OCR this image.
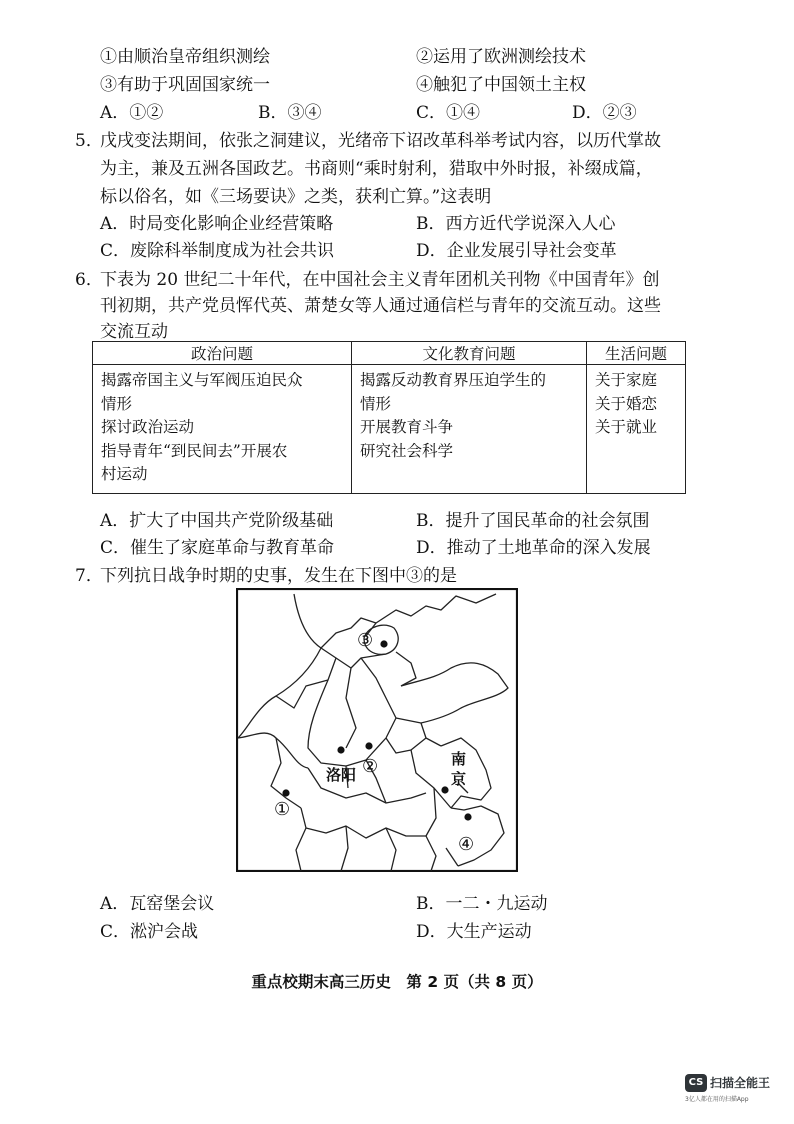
①由顺治皇帝组织测绘	②运用了欧洲测绘技术
③有助于巩固国家统一	④触犯了中国领土主权
A．①②	B．③④	C．①④	D．②③
5．
戊戌变法期间，依张之洞建议，光绪帝下诏改革科举考试内容，以历代掌故
为主，兼及五洲各国政艺。书商则“乘时射利，猎取中外时报，补缀成篇，
标以俗名，如《三场要诀》之类，获利亡算。”这表明
A．时局变化影响企业经营策略	B．西方近代学说深入人心
C．废除科举制度成为社会共识	D．企业发展引导社会变革
6．
下表为 20 世纪二十年代，在中国社会主义青年团机关刊物《中国青年》创
刊初期，共产党员恽代英、萧楚女等人通过通信栏与青年的交流互动。这些
交流互动
政治问题	文化教育问题	生活问题

揭露帝国主义与军阀压迫民众
情形
探讨政治运动
指导青年“到民间去”开展农
村运动	揭露反动教育界压迫学生的
情形
开展教育斗争
研究社会科学	关于家庭
关于婚恋
关于就业
A．扩大了中国共产党阶级基础	B．提升了国民革命的社会氛围
C．催生了家庭革命与教育革命	D．推动了土地革命的深入发展
7．
下列抗日战争时期的史事，发生在下图中③的是
③
②
①
④
洛阳
南
京
A．瓦窑堡会议	B．一二・九运动
C．淞沪会战	D．大生产运动
重点校期末高三历史　第 2 页（共 8 页）
CS 扫描全能王
3亿人都在用的扫描App
